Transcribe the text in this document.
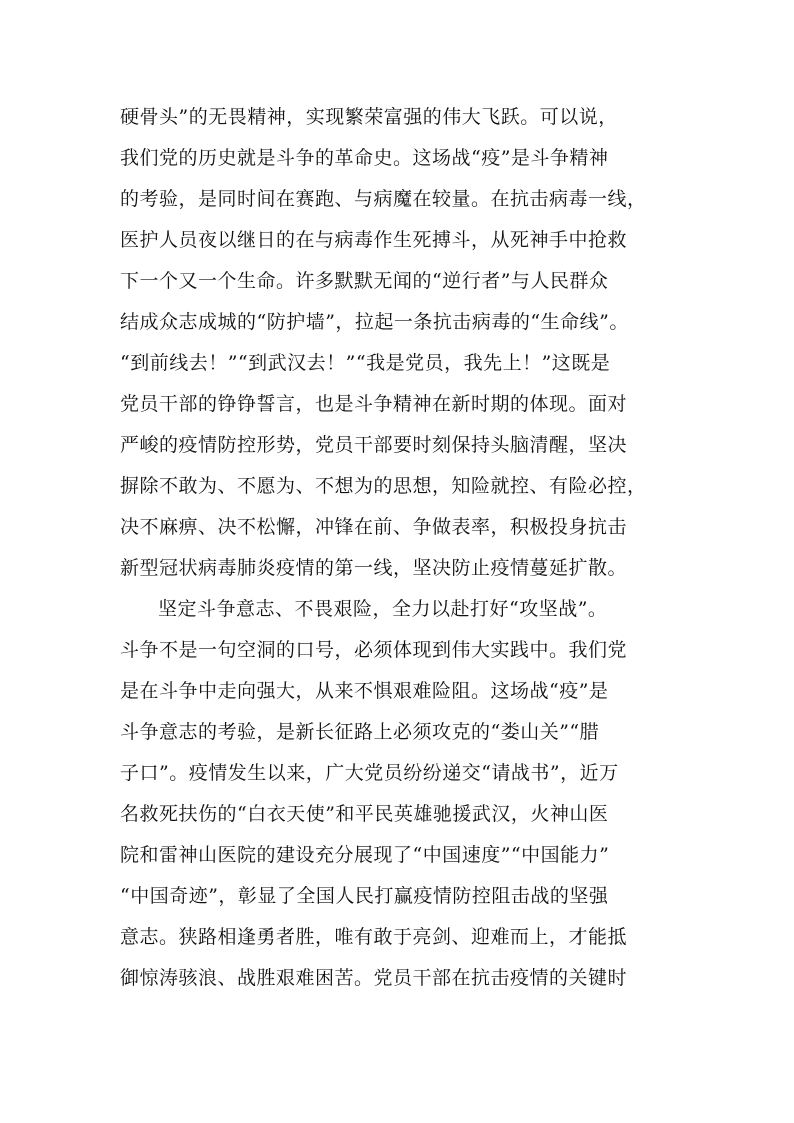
硬骨头”的无畏精神，实现繁荣富强的伟大飞跃。可以说，
我们党的历史就是斗争的革命史。这场战“疫”是斗争精神
的考验，是同时间在赛跑、与病魔在较量。在抗击病毒一线，
医护人员夜以继日的在与病毒作生死搏斗，从死神手中抢救
下一个又一个生命。许多默默无闻的“逆行者”与人民群众
结成众志成城的“防护墙”，拉起一条抗击病毒的“生命线”。
“到前线去！”“到武汉去！”“我是党员，我先上！”这既是
党员干部的铮铮誓言，也是斗争精神在新时期的体现。面对
严峻的疫情防控形势，党员干部要时刻保持头脑清醒，坚决
摒除不敢为、不愿为、不想为的思想，知险就控、有险必控，
决不麻痹、决不松懈，冲锋在前、争做表率，积极投身抗击
新型冠状病毒肺炎疫情的第一线，坚决防止疫情蔓延扩散。
坚定斗争意志、不畏艰险，全力以赴打好“攻坚战”。
斗争不是一句空洞的口号，必须体现到伟大实践中。我们党
是在斗争中走向强大，从来不惧艰难险阻。这场战“疫”是
斗争意志的考验，是新长征路上必须攻克的“娄山关”“腊
子口”。疫情发生以来，广大党员纷纷递交“请战书”，近万
名救死扶伤的“白衣天使”和平民英雄驰援武汉，火神山医
院和雷神山医院的建设充分展现了“中国速度”“中国能力”
“中国奇迹”，彰显了全国人民打赢疫情防控阻击战的坚强
意志。狭路相逢勇者胜，唯有敢于亮剑、迎难而上，才能抵
御惊涛骇浪、战胜艰难困苦。党员干部在抗击疫情的关键时
